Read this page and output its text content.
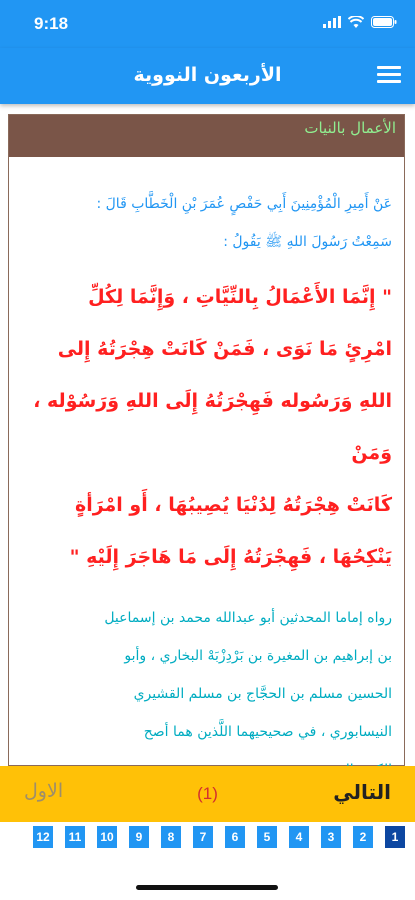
9:18
الأربعون النووية
الأعمال بالنيات
عَنْ أَمِيرِ الْمُؤْمِنِينَ أَبِي حَفْصٍ عُمَرَ بْنِ الْخَطَّابِ قَالَ :
سَمِعْتُ رَسُولَ اللهِ ﷺ يَقُولُ :
" إِنَّمَا الأَعْمَالُ بِالنِّيَّاتِ ، وَإِنَّمَا لِكُلِّ
امْرِئٍ مَا نَوَى ، فَمَنْ كَانَتْ هِجْرَتُهُ إِلى
اللهِ وَرَسُوله فَهِجْرَتُهُ إِلَى اللهِ وَرَسُوْله ، وَمَنْ
كَانَتْ هِجْرَتُهُ لِدُنْيَا يُصِيبُهَا ، أَو امْرَأةٍ
يَنْكِحُهَا ، فَهِجْرَتُهُ إِلَى مَا هَاجَرَ إِلَيْهِ "
رواه إماما المحدثين أبو عبدالله محمد بن إسماعيل
بن إبراهيم بن المغيرة بن بَرْدِزْبَهْ البخاري ، وأبو
الحسين مسلم بن الحجَّاج بن مسلم القشيري
النيسابوري ، في صحيحيهما اللَّذين هما أصح
التالي
(1)
الاول
1
2
3
4
5
6
7
8
9
10
11
12
